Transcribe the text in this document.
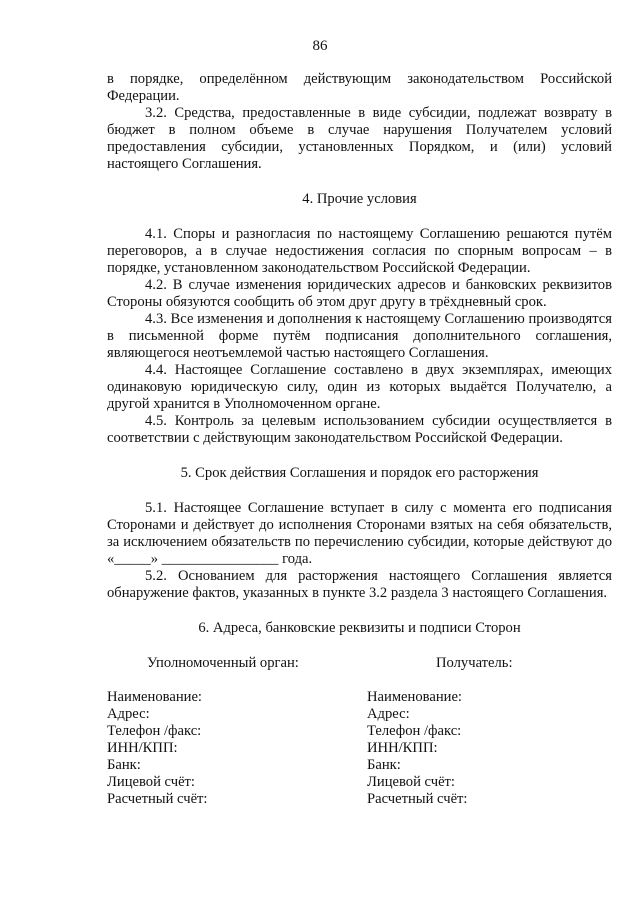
86

в порядке, определённом действующим законодательством Российской Федерации.

3.2. Средства, предоставленные в виде субсидии, подлежат возврату в бюджет в полном объеме в случае нарушения Получателем условий предоставления субсидии, установленных Порядком, и (или) условий настоящего Соглашения.

4. Прочие условия

4.1. Споры и разногласия по настоящему Соглашению решаются путём переговоров, а в случае недостижения согласия по спорным вопросам – в порядке, установленном законодательством Российской Федерации.

4.2. В случае изменения юридических адресов и банковских реквизитов Стороны обязуются сообщить об этом друг другу в трёхдневный срок.

4.3. Все изменения и дополнения к настоящему Соглашению производятся в письменной форме путём подписания дополнительного соглашения, являющегося неотъемлемой частью настоящего Соглашения.

4.4. Настоящее Соглашение составлено в двух экземплярах, имеющих одинаковую юридическую силу, один из которых выдаётся Получателю, а другой хранится в Уполномоченном органе.

4.5. Контроль за целевым использованием субсидии осуществляется в соответствии с действующим законодательством Российской Федерации.

5. Срок действия Соглашения и порядок его расторжения

5.1. Настоящее Соглашение вступает в силу с момента его подписания Сторонами и действует до исполнения Сторонами взятых на себя обязательств, за исключением обязательств по перечислению субсидии, которые действуют до «_____» ________________ года.

5.2. Основанием для расторжения настоящего Соглашения является обнаружение фактов, указанных в пункте 3.2 раздела 3 настоящего Соглашения.

6. Адреса, банковские реквизиты и подписи Сторон

Уполномоченный орган:	Получатель:
Наименование:
Адрес:
Телефон /факс:
ИНН/КПП:
Банк:
Лицевой счёт:
Расчетный счёт:
Наименование:
Адрес:
Телефон /факс:
ИНН/КПП:
Банк:
Лицевой счёт:
Расчетный счёт:
